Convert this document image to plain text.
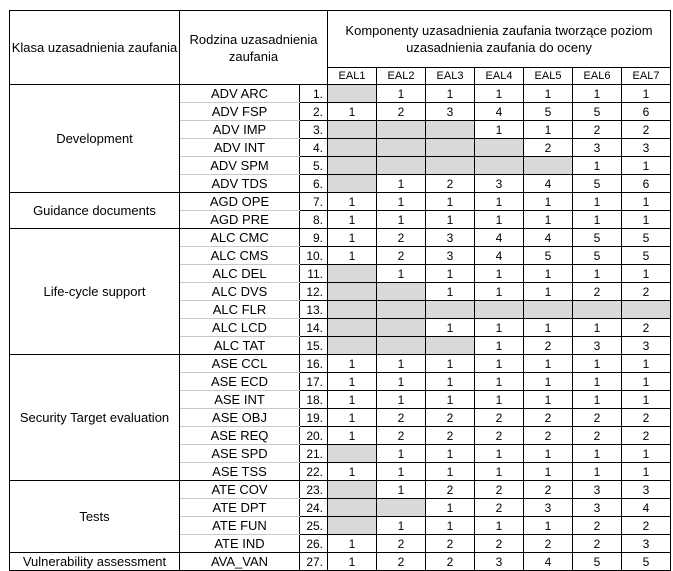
Klasa uzasadnienia zaufania	Rodzina uzasadnienia zaufania		Komponenty uzasadnienia zaufania tworzące poziom uzasadnienia zaufania do oceny						
			EAL1	EAL2	EAL3	EAL4	EAL5	EAL6	EAL7
Development	ADV ARC	1.		1	1	1	1	1	1
	ADV FSP	2.	1	2	3	4	5	5	6
	ADV IMP	3.				1	1	2	2
	ADV INT	4.					2	3	3
	ADV SPM	5.						1	1
	ADV TDS	6.		1	2	3	4	5	6
Guidance documents	AGD OPE	7.	1	1	1	1	1	1	1
	AGD PRE	8.	1	1	1	1	1	1	1
Life-cycle support	ALC CMC	9.	1	2	3	4	4	5	5
	ALC CMS	10.	1	2	3	4	5	5	5
	ALC DEL	11.		1	1	1	1	1	1
	ALC DVS	12.			1	1	1	2	2
	ALC FLR	13.							
	ALC LCD	14.			1	1	1	1	2
	ALC TAT	15.				1	2	3	3
Security Target evaluation	ASE CCL	16.	1	1	1	1	1	1	1
	ASE ECD	17.	1	1	1	1	1	1	1
	ASE INT	18.	1	1	1	1	1	1	1
	ASE OBJ	19.	1	2	2	2	2	2	2
	ASE REQ	20.	1	2	2	2	2	2	2
	ASE SPD	21.		1	1	1	1	1	1
	ASE TSS	22.	1	1	1	1	1	1	1
Tests	ATE COV	23.		1	2	2	2	3	3
	ATE DPT	24.			1	2	3	3	4
	ATE FUN	25.		1	1	1	1	2	2
	ATE IND	26.	1	2	2	2	2	2	3
Vulnerability assessment	AVA_VAN	27.	1	2	2	3	4	5	5
